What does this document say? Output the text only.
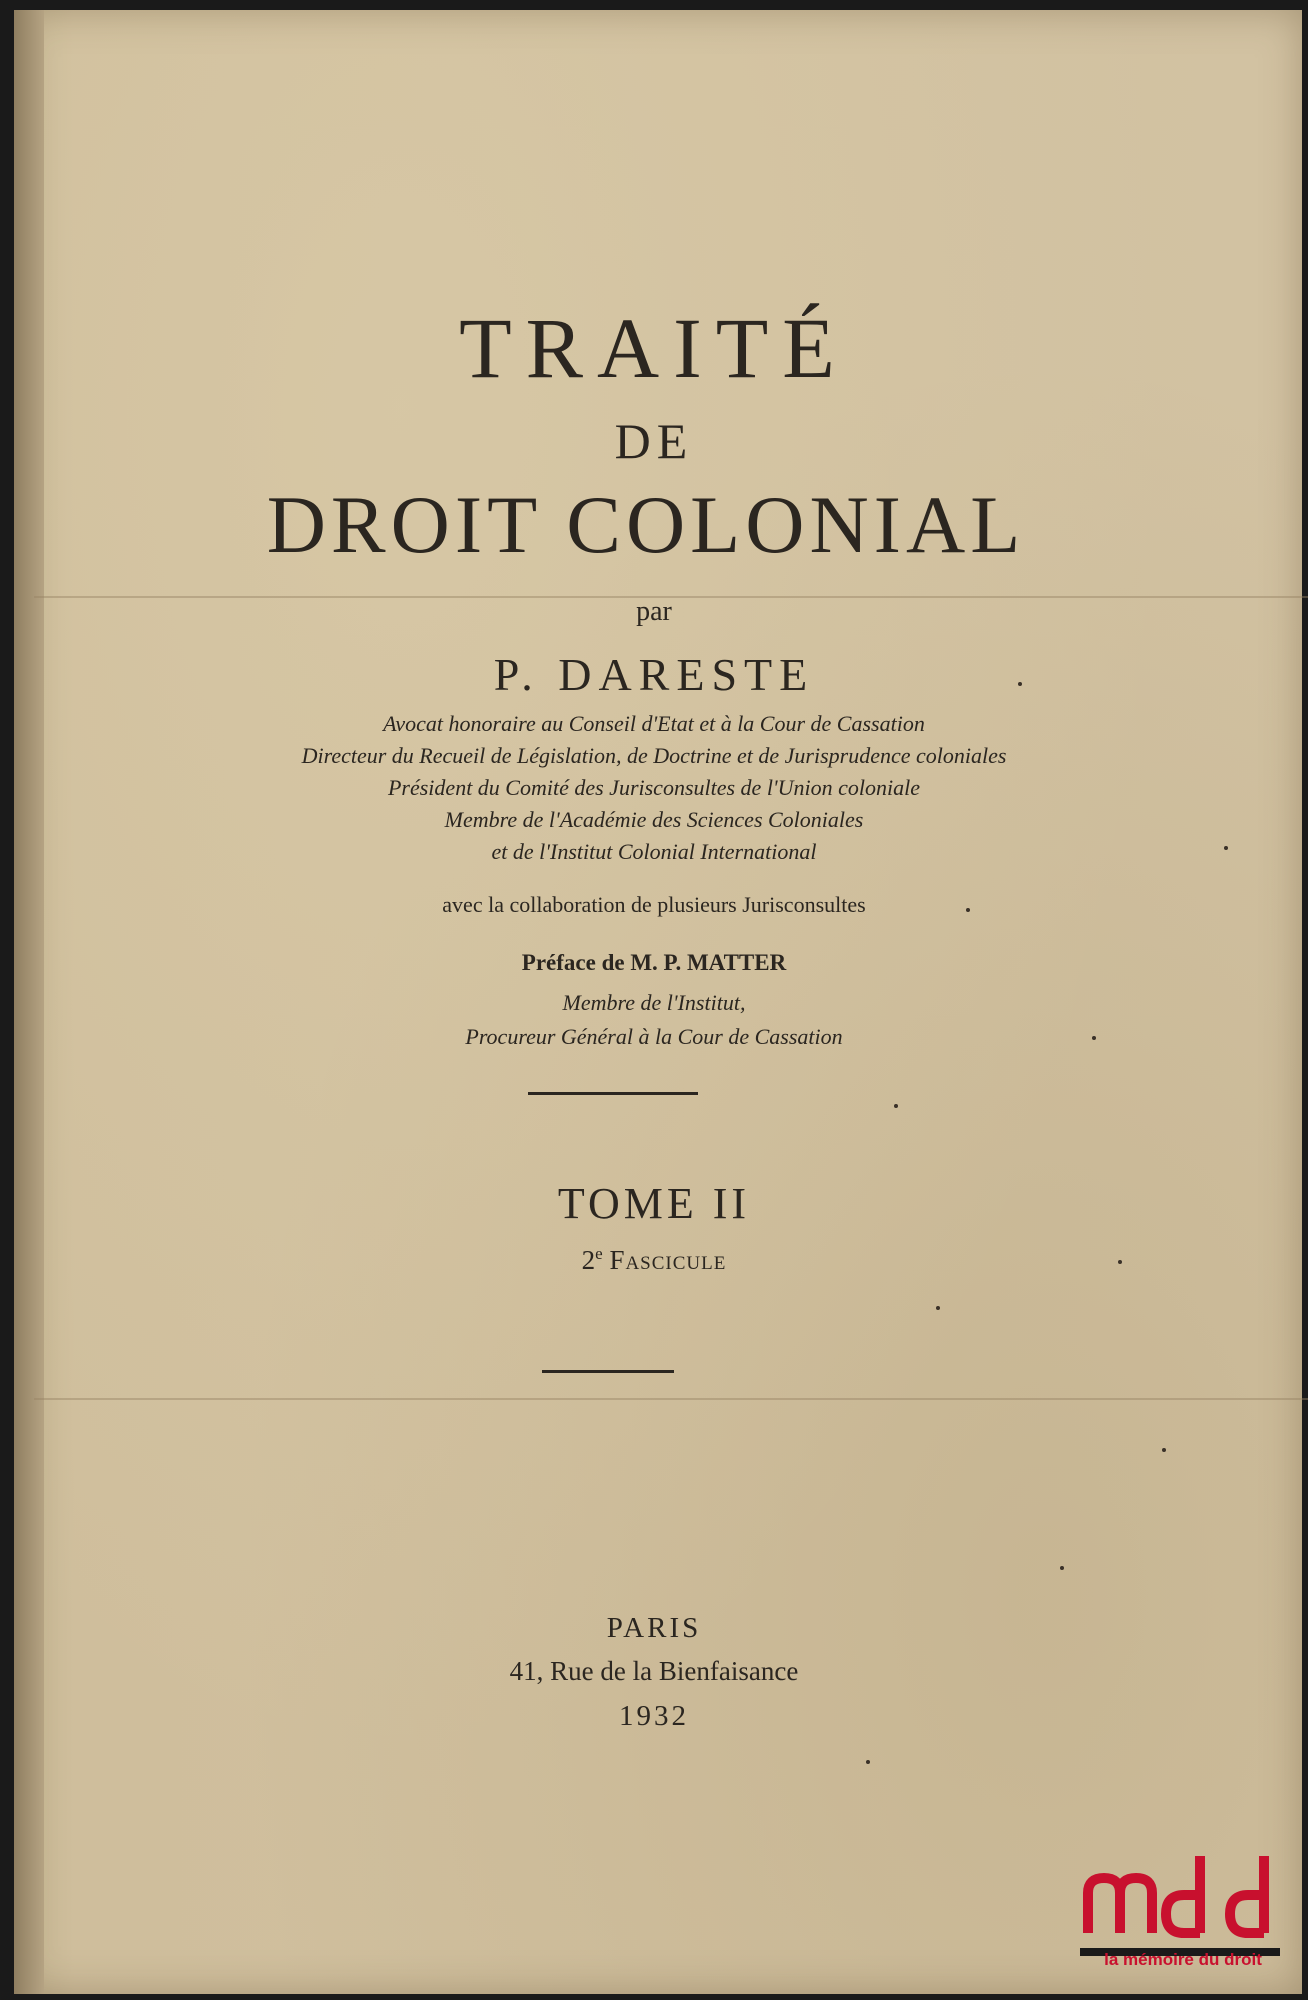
TRAITÉ
DE
DROIT COLONIAL
par
P. DARESTE
Avocat honoraire au Conseil d'Etat et à la Cour de Cassation
Directeur du Recueil de Législation, de Doctrine et de Jurisprudence coloniales
Président du Comité des Jurisconsultes de l'Union coloniale
Membre de l'Académie des Sciences Coloniales
et de l'Institut Colonial International
avec la collaboration de plusieurs Jurisconsultes
Préface de M. P. MATTER
Membre de l'Institut,
Procureur Général à la Cour de Cassation
TOME II
2e Fascicule
PARIS
41, Rue de la Bienfaisance
1932
la mémoire du droit
